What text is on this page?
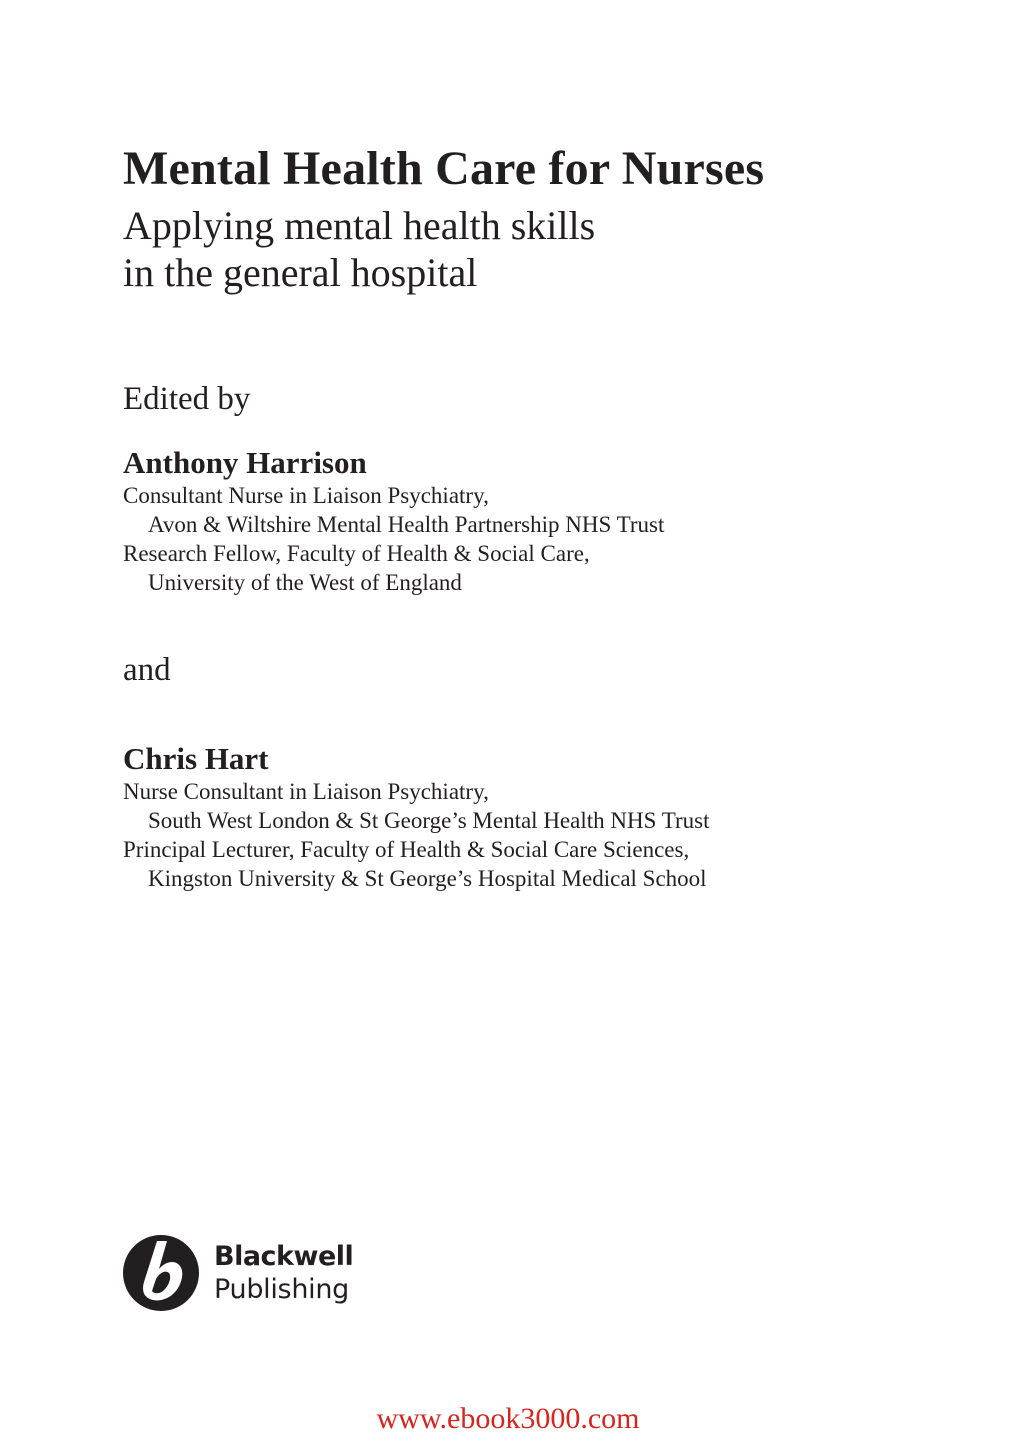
Mental Health Care for Nurses
Applying mental health skills
in the general hospital
Edited by
Anthony Harrison
Consultant Nurse in Liaison Psychiatry,
Avon & Wiltshire Mental Health Partnership NHS Trust
Research Fellow, Faculty of Health & Social Care,
University of the West of England
and
Chris Hart
Nurse Consultant in Liaison Psychiatry,
South West London & St George’s Mental Health NHS Trust
Principal Lecturer, Faculty of Health & Social Care Sciences,
Kingston University & St George’s Hospital Medical School
Blackwell
Publishing
www.ebook3000.com
